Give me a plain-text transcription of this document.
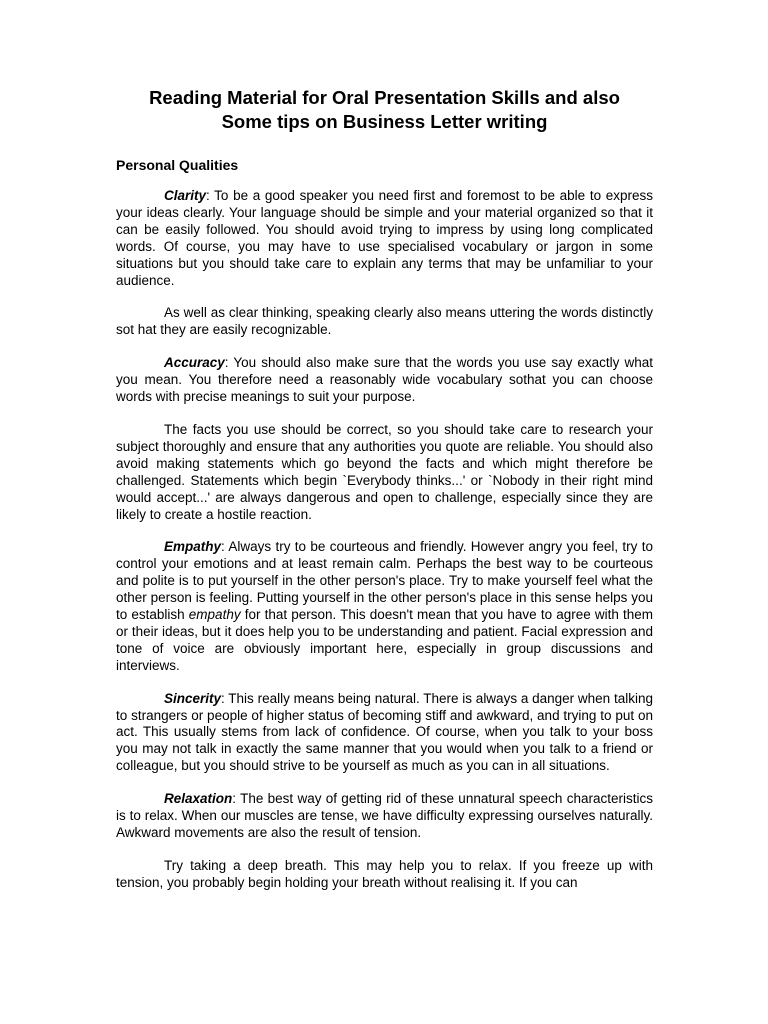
Reading Material for Oral Presentation Skills and also
Some tips on Business Letter writing
Personal Qualities

Clarity: To be a good speaker you need first and foremost to be able to express your ideas clearly. Your language should be simple and your material organized so that it can be easily followed. You should avoid trying to impress by using long complicated words. Of course, you may have to use specialised vocabulary or jargon in some situations but you should take care to explain any terms that may be unfamiliar to your audience.

As well as clear thinking, speaking clearly also means uttering the words distinctly sot hat they are easily recognizable.

Accuracy: You should also make sure that the words you use say exactly what you mean. You therefore need a reasonably wide vocabulary sothat you can choose words with precise meanings to suit your purpose.

The facts you use should be correct, so you should take care to research your subject thoroughly and ensure that any authorities you quote are reliable. You should also avoid making statements which go beyond the facts and which might therefore be challenged. Statements which begin `Everybody thinks...' or `Nobody in their right mind would accept...' are always dangerous and open to challenge, especially since they are likely to create a hostile reaction.

Empathy: Always try to be courteous and friendly. However angry you feel, try to control your emotions and at least remain calm. Perhaps the best way to be courteous and polite is to put yourself in the other person's place. Try to make yourself feel what the other person is feeling. Putting yourself in the other person's place in this sense helps you to establish empathy for that person. This doesn't mean that you have to agree with them or their ideas, but it does help you to be understanding and patient. Facial expression and tone of voice are obviously important here, especially in group discussions and interviews.

Sincerity: This really means being natural. There is always a danger when talking to strangers or people of higher status of becoming stiff and awkward, and trying to put on act. This usually stems from lack of confidence. Of course, when you talk to your boss you may not talk in exactly the same manner that you would when you talk to a friend or colleague, but you should strive to be yourself as much as you can in all situations.

Relaxation: The best way of getting rid of these unnatural speech characteristics is to relax. When our muscles are tense, we have difficulty expressing ourselves naturally. Awkward movements are also the result of tension.

Try taking a deep breath. This may help you to relax. If you freeze up with tension, you probably begin holding your breath without realising it. If you can
